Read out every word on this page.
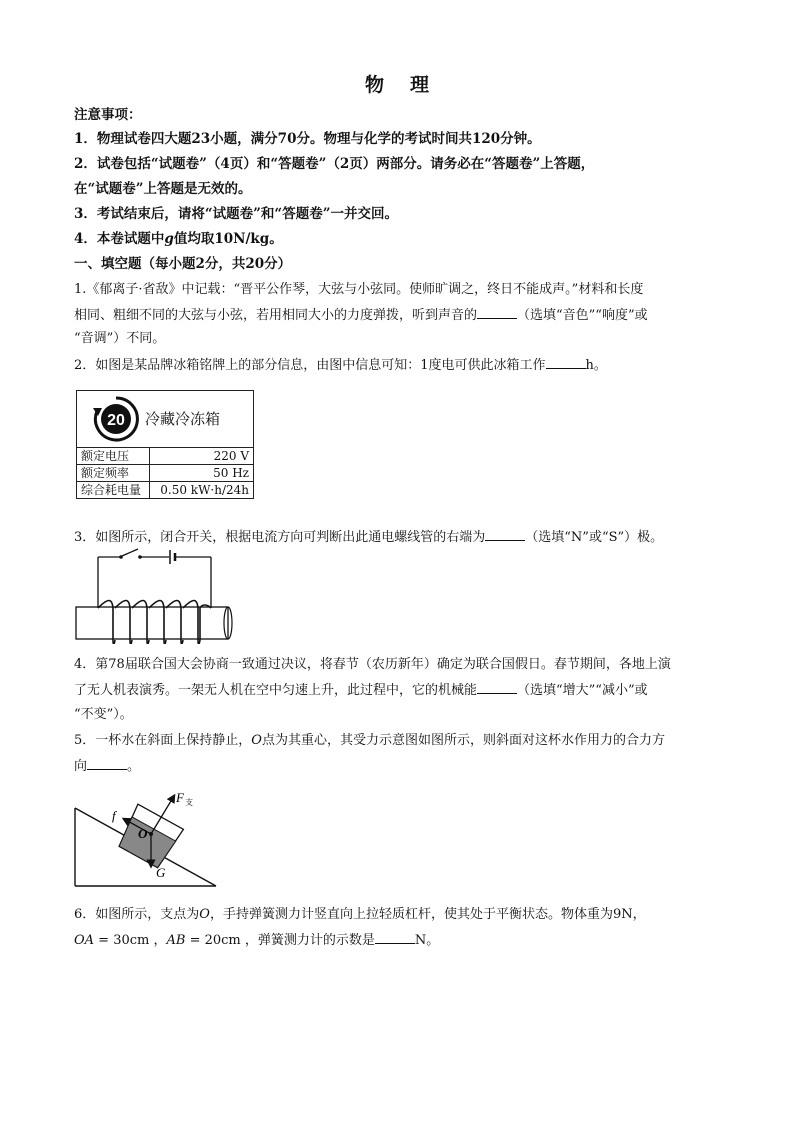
物 理
注意事项：
1．物理试卷四大题23小题，满分70分。物理与化学的考试时间共120分钟。
2．试卷包括“试题卷”（4页）和“答题卷”（2页）两部分。请务必在“答题卷”上答题，
在“试题卷”上答题是无效的。
3．考试结束后，请将“试题卷”和“答题卷”一并交回。
4．本卷试题中g值均取10N/kg。
一、填空题（每小题2分，共20分）
1.《郁离子·省敌》中记载：“晋平公作琴，大弦与小弦同。使师旷调之，终日不能成声。”材料和长度
相同、粗细不同的大弦与小弦，若用相同大小的力度弹拨，听到声音的	（选填“音色”“响度”或
“音调”）不同。
2．如图是某品牌冰箱铭牌上的部分信息，由图中信息可知：1度电可供此冰箱工作	h。
20 冷藏冷冻箱
额定电压	220 V
额定频率	50 Hz
综合耗电量	0.50 kW·h/24h
3．如图所示，闭合开关，根据电流方向可判断出此通电螺线管的右端为	（选填“N”或“S”）极。
4．第78届联合国大会协商一致通过决议，将春节（农历新年）确定为联合国假日。春节期间，各地上演
了无人机表演秀。一架无人机在空中匀速上升，此过程中，它的机械能	（选填“增大”“减小”或
“不变”）。
5．一杯水在斜面上保持静止，O点为其重心，其受力示意图如图所示，则斜面对这杯水作用力的合力方
向	。
f
F 支
O
G
6．如图所示，支点为O，手持弹簧测力计竖直向上拉轻质杠杆，使其处于平衡状态。物体重为9N，
OA = 30cm ，AB = 20cm ，弹簧测力计的示数是	N。
